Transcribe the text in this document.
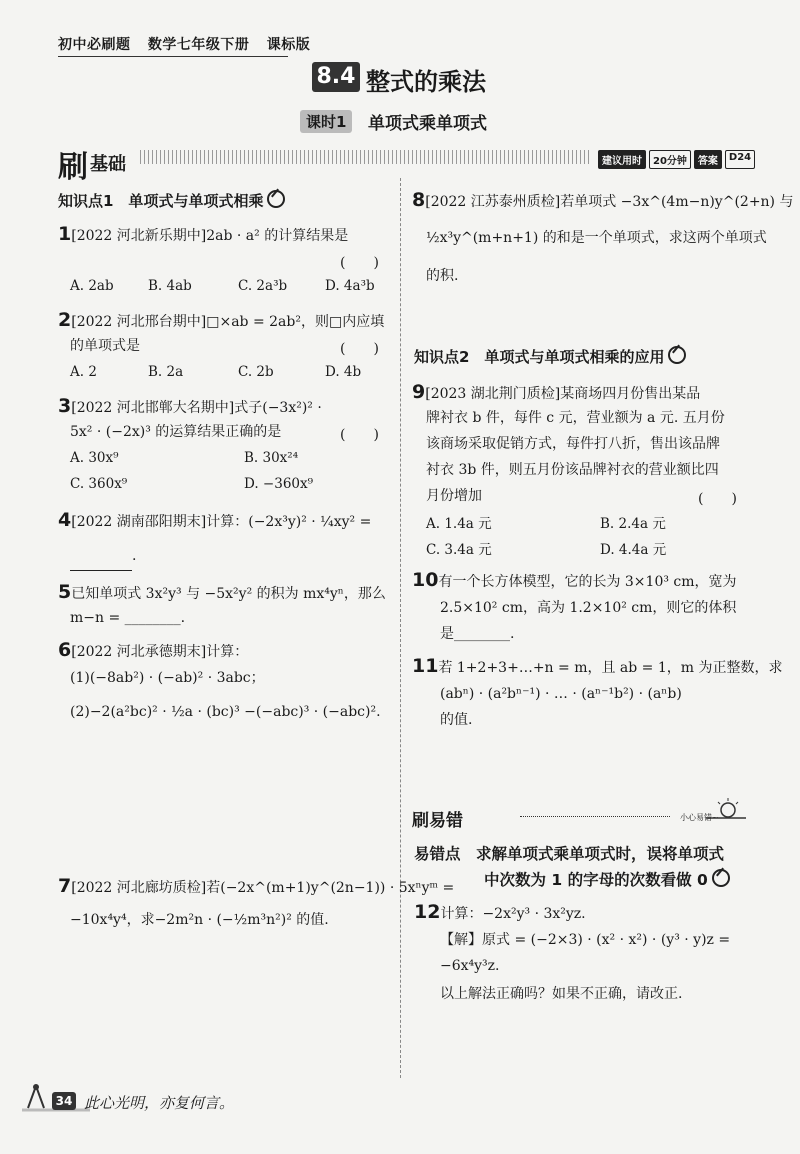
初中必刷题 数学七年级下册 课标版
8.4 整式的乘法
课时1	单项式乘单项式
刷 基础	建议用时	20分钟	答案	D24
知识点1　单项式与单项式相乘
1[2022 河北新乐期中]2ab · a² 的计算结果是
(　　)
A. 2ab	B. 4ab	C. 2a³b	D. 4a³b
2[2022 河北邢台期中]□×ab = 2ab²，则□内应填
的单项式是	(　　)
A. 2	B. 2a	C. 2b	D. 4b
3[2022 河北邯郸大名期中]式子(−3x²)² ·
5x² · (−2x)³ 的运算结果正确的是	(　　)
A. 30x⁹	B. 30x²⁴
C. 360x⁹	D. −360x⁹
4[2022 湖南邵阳期末]计算：(−2x³y)² · ¼xy² =
.
5已知单项式 3x²y³ 与 −5x²y² 的积为 mx⁴yⁿ，那么
m−n = ________.
6[2022 河北承德期末]计算：
(1)(−8ab²) · (−ab)² · 3abc；
(2)−2(a²bc)² · ½a · (bc)³ −(−abc)³ · (−abc)².
7[2022 河北廊坊质检]若(−2x^(m+1)y^(2n−1)) · 5xⁿyᵐ =
−10x⁴y⁴，求−2m²n · (−½m³n²)² 的值.
8[2022 江苏泰州质检]若单项式 −3x^(4m−n)y^(2+n) 与
½x³y^(m+n+1) 的和是一个单项式，求这两个单项式
的积.
知识点2　单项式与单项式相乘的应用
9[2023 湖北荆门质检]某商场四月份售出某品
牌衬衣 b 件，每件 c 元，营业额为 a 元. 五月份
该商场采取促销方式，每件打八折，售出该品牌
衬衣 3b 件，则五月份该品牌衬衣的营业额比四
月份增加	(　　)
A. 1.4a 元	B. 2.4a 元
C. 3.4a 元	D. 4.4a 元
10有一个长方体模型，它的长为 3×10³ cm，宽为
2.5×10² cm，高为 1.2×10² cm，则它的体积
是________.
11若 1+2+3+…+n = m，且 ab = 1，m 为正整数，求
(abⁿ) · (a²bⁿ⁻¹) · … · (aⁿ⁻¹b²) · (aⁿb)
的值.
刷易错	小心易错~
易错点　 求解单项式乘单项式时，误将单项式
中次数为 1 的字母的次数看做 0
12计算：−2x²y³ · 3x²yz.
【解】原式 = (−2×3) · (x² · x²) · (y³ · y)z =
−6x⁴y³z.
以上解法正确吗？如果不正确，请改正.
34 此心光明，亦复何言。
